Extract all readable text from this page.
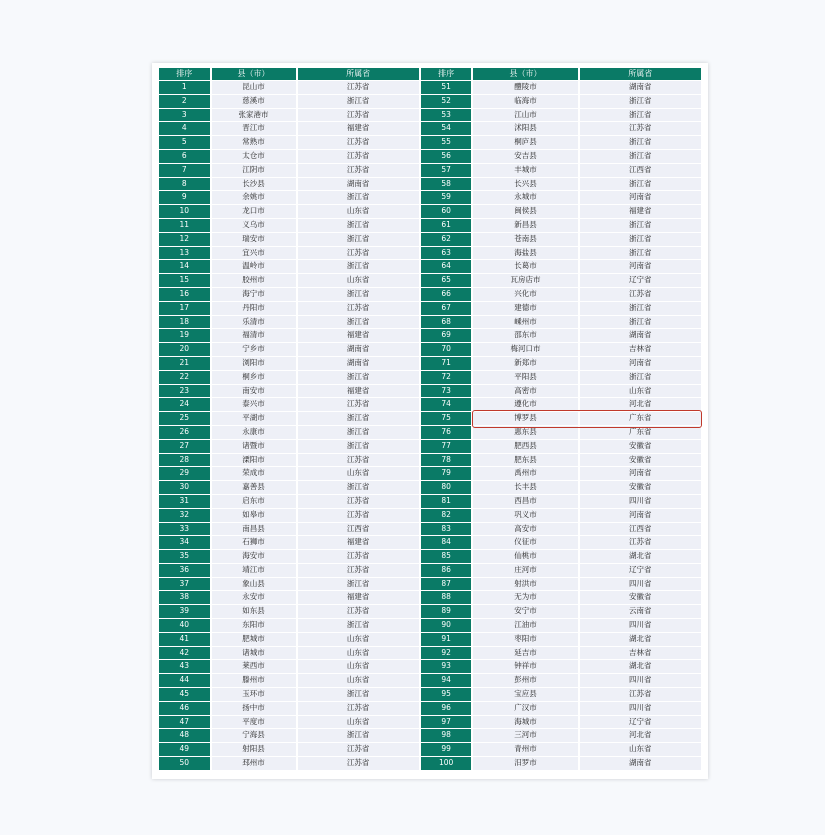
排序	县（市）	所属省	排序	县（市）	所属省
1	昆山市	江苏省	51	醴陵市	湖南省
2	慈溪市	浙江省	52	临海市	浙江省
3	张家港市	江苏省	53	江山市	浙江省
4	晋江市	福建省	54	沭阳县	江苏省
5	常熟市	江苏省	55	桐庐县	浙江省
6	太仓市	江苏省	56	安吉县	浙江省
7	江阴市	江苏省	57	丰城市	江西省
8	长沙县	湖南省	58	长兴县	浙江省
9	余姚市	浙江省	59	永城市	河南省
10	龙口市	山东省	60	闽侯县	福建省
11	义乌市	浙江省	61	新昌县	浙江省
12	瑞安市	浙江省	62	苍南县	浙江省
13	宜兴市	江苏省	63	海盐县	浙江省
14	温岭市	浙江省	64	长葛市	河南省
15	胶州市	山东省	65	瓦房店市	辽宁省
16	海宁市	浙江省	66	兴化市	江苏省
17	丹阳市	江苏省	67	建德市	浙江省
18	乐清市	浙江省	68	嵊州市	浙江省
19	福清市	福建省	69	邵东市	湖南省
20	宁乡市	湖南省	70	梅河口市	吉林省
21	浏阳市	湖南省	71	新郑市	河南省
22	桐乡市	浙江省	72	平阳县	浙江省
23	南安市	福建省	73	高密市	山东省
24	泰兴市	江苏省	74	遵化市	河北省
25	平湖市	浙江省	75	博罗县	广东省
26	永康市	浙江省	76	惠东县	广东省
27	诸暨市	浙江省	77	肥西县	安徽省
28	溧阳市	江苏省	78	肥东县	安徽省
29	荣成市	山东省	79	禹州市	河南省
30	嘉善县	浙江省	80	长丰县	安徽省
31	启东市	江苏省	81	西昌市	四川省
32	如皋市	江苏省	82	巩义市	河南省
33	南昌县	江西省	83	高安市	江西省
34	石狮市	福建省	84	仪征市	江苏省
35	海安市	江苏省	85	仙桃市	湖北省
36	靖江市	江苏省	86	庄河市	辽宁省
37	象山县	浙江省	87	射洪市	四川省
38	永安市	福建省	88	无为市	安徽省
39	如东县	江苏省	89	安宁市	云南省
40	东阳市	浙江省	90	江油市	四川省
41	肥城市	山东省	91	枣阳市	湖北省
42	诸城市	山东省	92	延吉市	吉林省
43	莱西市	山东省	93	钟祥市	湖北省
44	滕州市	山东省	94	彭州市	四川省
45	玉环市	浙江省	95	宝应县	江苏省
46	扬中市	江苏省	96	广汉市	四川省
47	平度市	山东省	97	海城市	辽宁省
48	宁海县	浙江省	98	三河市	河北省
49	射阳县	江苏省	99	青州市	山东省
50	邳州市	江苏省	100	汨罗市	湖南省
